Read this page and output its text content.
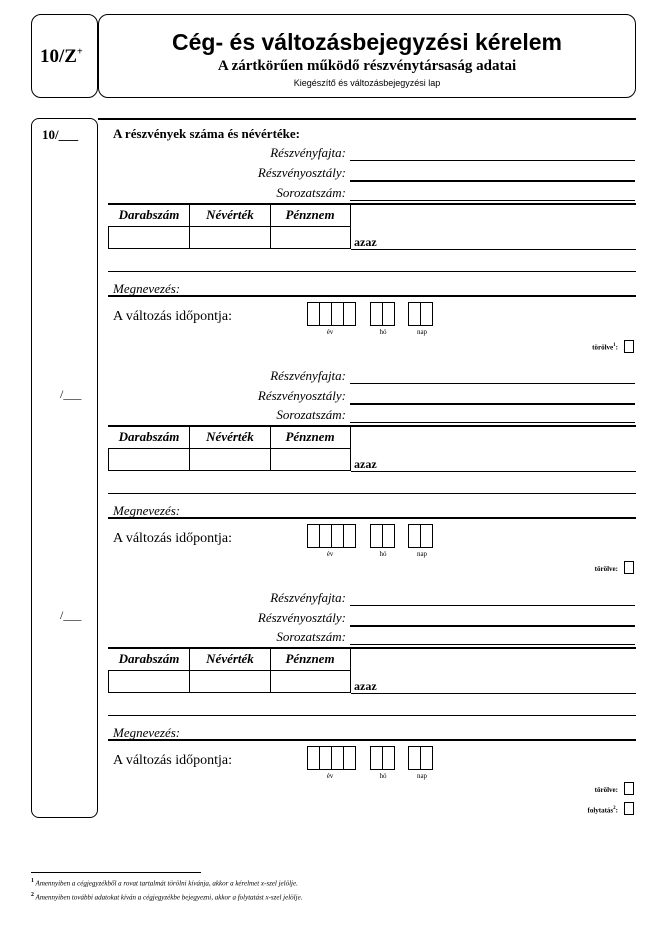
10/Z+	Cég- és változásbejegyzési kérelem
A zártkörűen működő részvénytársaság adatai
Kiegészítő és változásbejegyzési lap
10/___
/___
/___
A részvények száma és névértéke:
Részvényfajta:
Részvényosztály:
Sorozatszám:
Darabszám	Névérték	Pénznem
azaz
Megnevezés:
A változás időpontja:
év	hó	nap
törölve$^1$:
Részvényfajta:
Részvényosztály:
Sorozatszám:
Darabszám	Névérték	Pénznem
azaz
Megnevezés:
A változás időpontja:
év	hó	nap
törölve:
Részvényfajta:
Részvényosztály:
Sorozatszám:
Darabszám	Névérték	Pénznem
azaz
Megnevezés:
A változás időpontja:
év	hó	nap
törölve:
folytatás$^2$:
$^1$ Amennyiben a cégjegyzékből a rovat tartalmát törölni kívánja, akkor a kérelmet x-szel jelölje.
$^2$ Amennyiben további adatokat kíván a cégjegyzékbe bejegyezni, akkor a folytatást x-szel jelölje.
